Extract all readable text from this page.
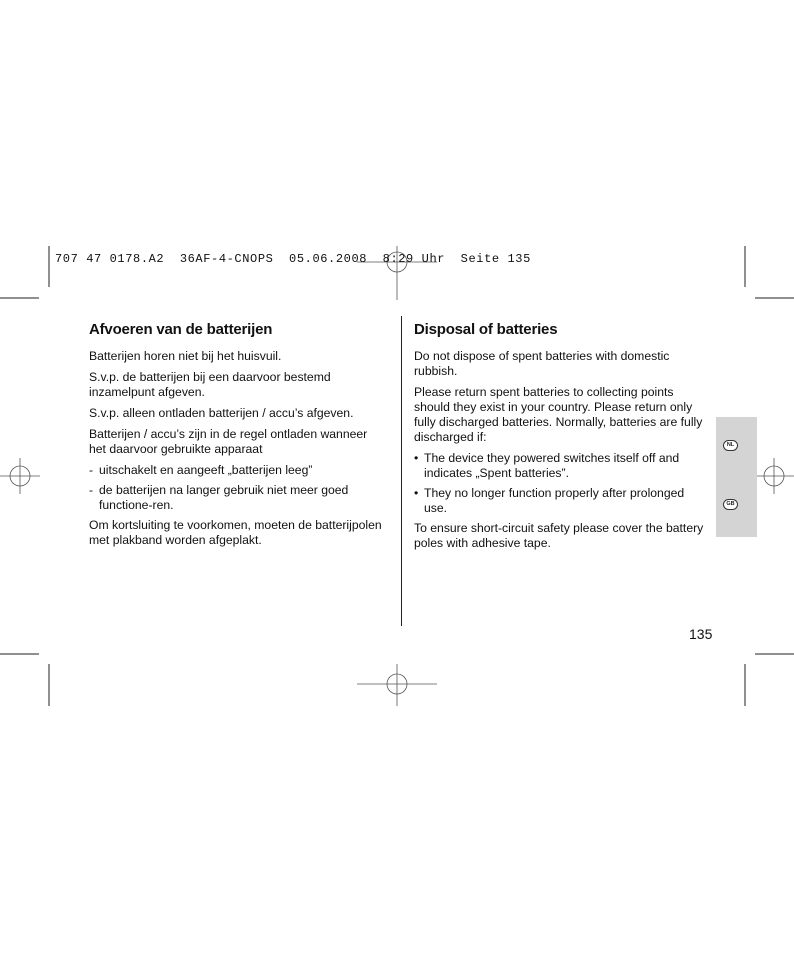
707 47 0178.A2  36AF-4-CNOPS  05.06.2008  8:29 Uhr  Seite 135
Afvoeren van de batterijen

Batterijen horen niet bij het huisvuil.

S.v.p. de batterijen bij een daarvoor bestemd inzamelpunt afgeven.

S.v.p. alleen ontladen batterijen / accu’s afgeven.

Batterijen / accu’s zijn in de regel ontladen wanneer het daarvoor gebruikte apparaat

- uitschakelt en aangeeft „batterijen leeg”
- de batterijen na langer gebruik niet meer goed functione-ren.

Om kortsluiting te voorkomen, moeten de batterijpolen met plakband worden afgeplakt.

Disposal of batteries

Do not dispose of spent batteries with domestic rubbish.

Please return spent batteries to collecting points should they exist in your country. Please return only fully discharged batteries. Normally, batteries are fully discharged if:

• The device they powered switches itself off and indicates „Spent batteries”.
• They no longer function properly after prolonged use.

To ensure short-circuit safety please cover the battery poles with adhesive tape.

NL
GB
135
